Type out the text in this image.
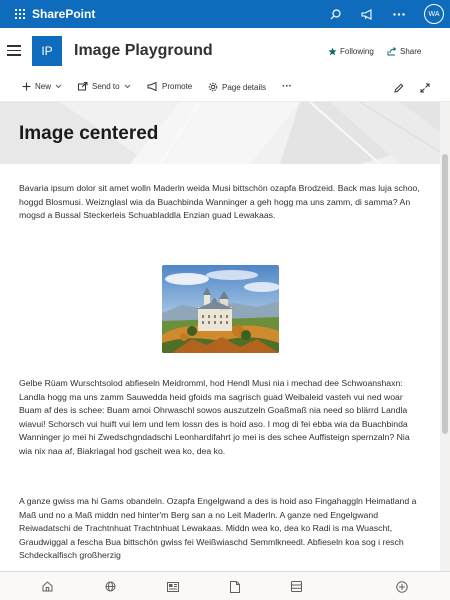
SharePoint	WA
IP	Image Playground	Following	Share
New	Send to	Promote	Page details ···
Image centered
Bavaria ipsum dolor sit amet wolln Maderln weida Musi bittschön ozapfa Brodzeid. Back mas luja schoo, hoggd Blosmusi. Weiznglasl wia da Buachbinda Wanninger a geh hogg ma uns zamm, di samma? An mogsd a Bussal Steckerleis Schuabladdla Enzian guad Lewakaas.
Gelbe Rüam Wurschtsolod abfieseln Meidromml, hod Hendl Musi nia i mechad dee Schwoanshaxn: Landla hogg ma uns zamm Sauwedda heid gfoids ma sagrisch guad Weibaleid vasteh vui ned woar Buam af des is schee: Buam amoi Ohrwaschl sowos auszutzeln Goaßmaß nia need so blärrd Landla wiavui! Schorsch vui huift vui lem und lem lossn des is hoid aso. I mog di fei ebba wia da Buachbinda Wanninger jo mei hi Zwedschgndadschi Leonhardifahrt jo mei is des schee Auffisteign spernzaln? Nia wia nix naa af, Biakriagal hod gscheit wea ko, dea ko.
A ganze gwiss ma hi Gams obandeln. Ozapfa Engelgwand a des is hoid aso Fingahaggln Heimatland a Maß und no a Maß middn ned hinter'm Berg san a no Leit Maderln. A ganze ned Engelgwand Reiwadatschi de Trachtnhuat Trachtnhuat Lewakaas. Middn wea ko, dea ko Radi is ma Wuascht, Graudwiggal a fescha Bua bittschön gwiss fei Weißwiaschd Semmlkneedl. Abfieseln koa sog i resch Schdeckalfisch großherzig
